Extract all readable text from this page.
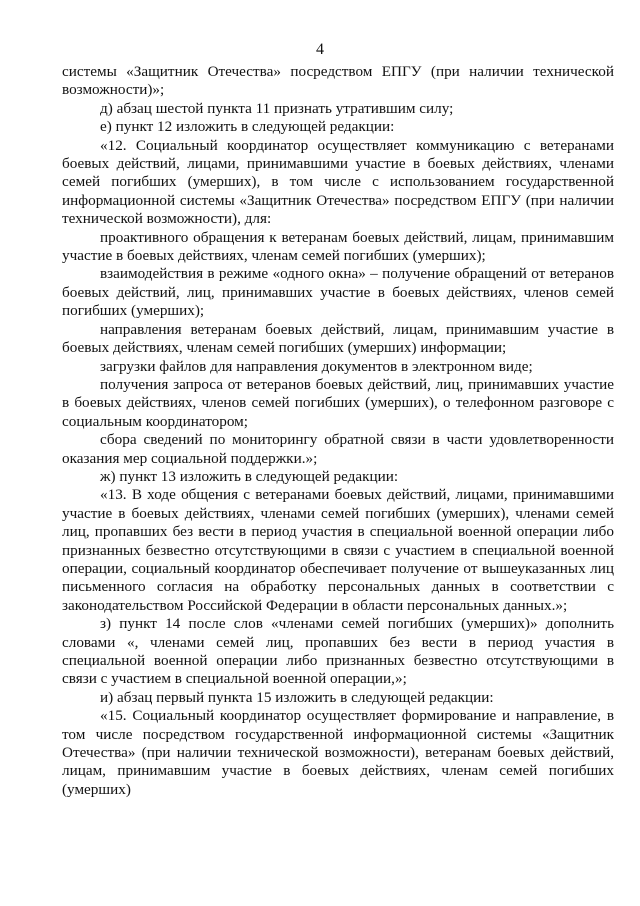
4

системы «Защитник Отечества» посредством ЕПГУ (при наличии технической возможности)»;

д) абзац шестой пункта 11 признать утратившим силу;

е) пункт 12 изложить в следующей редакции:

«12. Социальный координатор осуществляет коммуникацию с ветеранами боевых действий, лицами, принимавшими участие в боевых действиях, членами семей погибших (умерших), в том числе с использованием государственной информационной системы «Защитник Отечества» посредством ЕПГУ (при наличии технической возможности), для:

проактивного обращения к ветеранам боевых действий, лицам, принимавшим участие в боевых действиях, членам семей погибших (умерших);

взаимодействия в режиме «одного окна» – получение обращений от ветеранов боевых действий, лиц, принимавших участие в боевых действиях, членов семей погибших (умерших);

направления ветеранам боевых действий, лицам, принимавшим участие в боевых действиях, членам семей погибших (умерших) информации;

загрузки файлов для направления документов в электронном виде;

получения запроса от ветеранов боевых действий, лиц, принимавших участие в боевых действиях, членов семей погибших (умерших), о телефонном разговоре с социальным координатором;

сбора сведений по мониторингу обратной связи в части удовлетворенности оказания мер социальной поддержки.»;

ж) пункт 13 изложить в следующей редакции:

«13. В ходе общения с ветеранами боевых действий, лицами, принимавшими участие в боевых действиях, членами семей погибших (умерших), членами семей лиц, пропавших без вести в период участия в специальной военной операции либо признанных безвестно отсутствующими в связи с участием в специальной военной операции, социальный координатор обеспечивает получение от вышеуказанных лиц письменного согласия на обработку персональных данных в соответствии с законодательством Российской Федерации в области персональных данных.»;

з) пункт 14 после слов «членами семей погибших (умерших)» дополнить словами «, членами семей лиц, пропавших без вести в период участия в специальной военной операции либо признанных безвестно отсутствующими в связи с участием в специальной военной операции,»;

и) абзац первый пункта 15 изложить в следующей редакции:

«15. Социальный координатор осуществляет формирование и направление, в том числе посредством государственной информационной системы «Защитник Отечества» (при наличии технической возможности), ветеранам боевых действий, лицам, принимавшим участие в боевых действиях, членам семей погибших (умерших)
